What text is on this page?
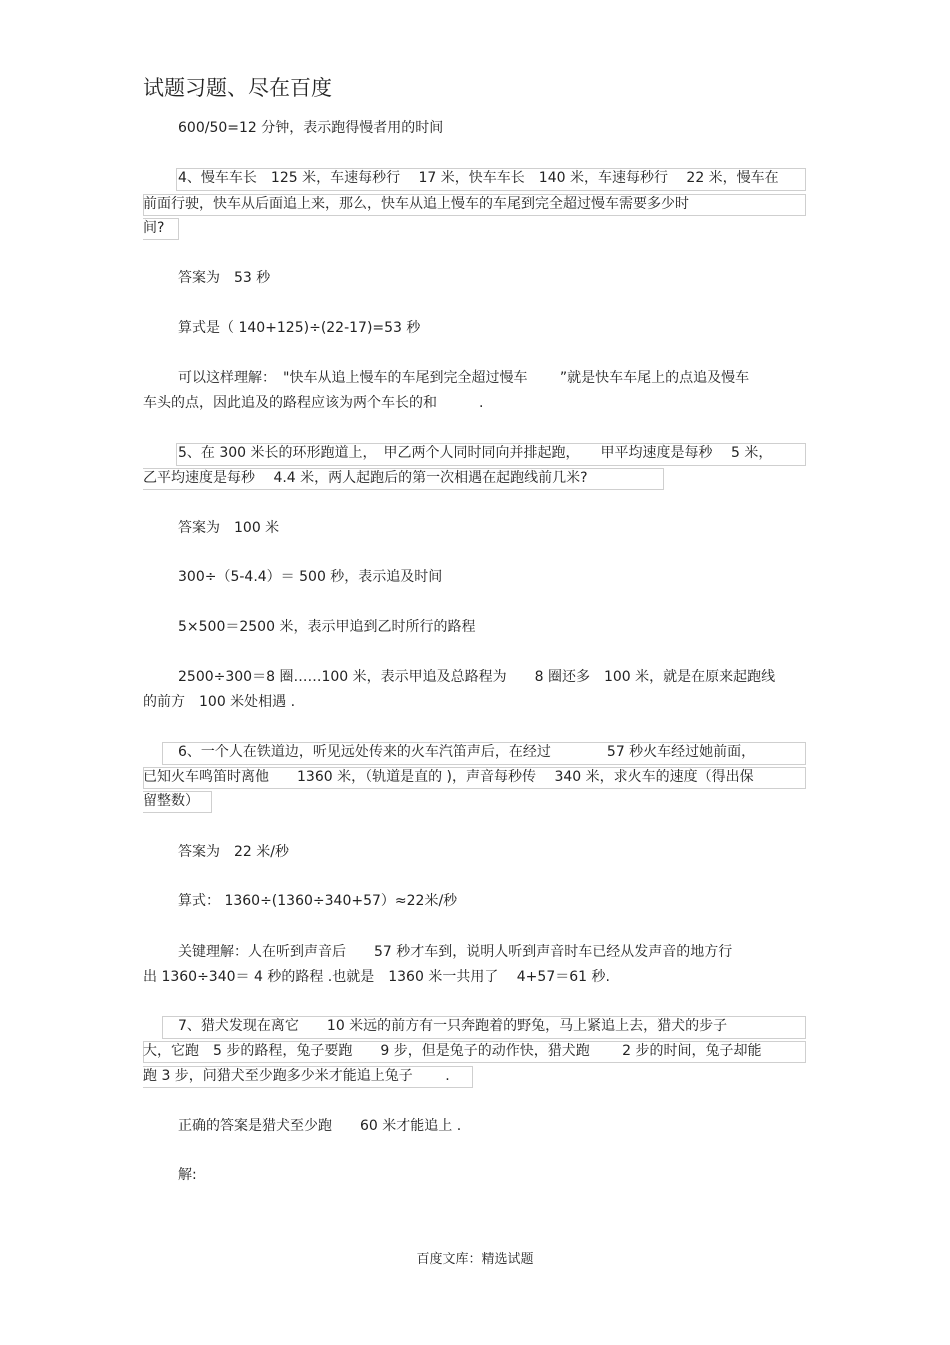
试题习题、尽在百度
600/50=12 分钟，表示跑得慢者用的时间
4、慢车车长　125 米，车速每秒行　 17 米，快车车长　140 米，车速每秒行　 22 米，慢车在
前面行驶，快车从后面追上来，那么，快车从追上慢车的车尾到完全超过慢车需要多少时
间?
答案为　53 秒
算式是（ 140+125)÷(22-17)=53 秒
可以这样理解：　"快车从追上慢车的车尾到完全超过慢车　　 ”就是快车车尾上的点追及慢车
车头的点，因此追及的路程应该为两个车长的和　　　.
5、在 300 米长的环形跑道上，　甲乙两个人同时同向并排起跑，　　甲平均速度是每秒　 5 米，
乙平均速度是每秒　 4.4 米，两人起跑后的第一次相遇在起跑线前几米?
答案为　100 米
300÷（5-4.4）＝ 500 秒，表示追及时间
5×500＝2500 米，表示甲追到乙时所行的路程
2500÷300＝8 圈……100 米，表示甲追及总路程为　　8 圈还多　100 米，就是在原来起跑线
的前方　100 米处相遇 .
6、一个人在铁道边，听见远处传来的火车汽笛声后，在经过　　　　57 秒火车经过她前面，
已知火车鸣笛时离他　　1360 米，（轨道是直的 )，声音每秒传　 340 米，求火车的速度（得出保
留整数）
答案为　22 米/秒
算式： 1360÷(1360÷340+57）≈22米/秒
关键理解：人在听到声音后　　57 秒才车到，说明人听到声音时车已经从发声音的地方行
出 1360÷340＝ 4 秒的路程 .也就是　1360 米一共用了　 4+57＝61 秒.
7、猎犬发现在离它　　10 米远的前方有一只奔跑着的野兔，马上紧追上去，猎犬的步子
大，它跑　5 步的路程，兔子要跑　　9 步，但是兔子的动作快，猎犬跑　　 2 步的时间，兔子却能
跑 3 步，问猎犬至少跑多少米才能追上兔子　　 .
正确的答案是猎犬至少跑　　60 米才能追上 .
解:
百度文库：精选试题
